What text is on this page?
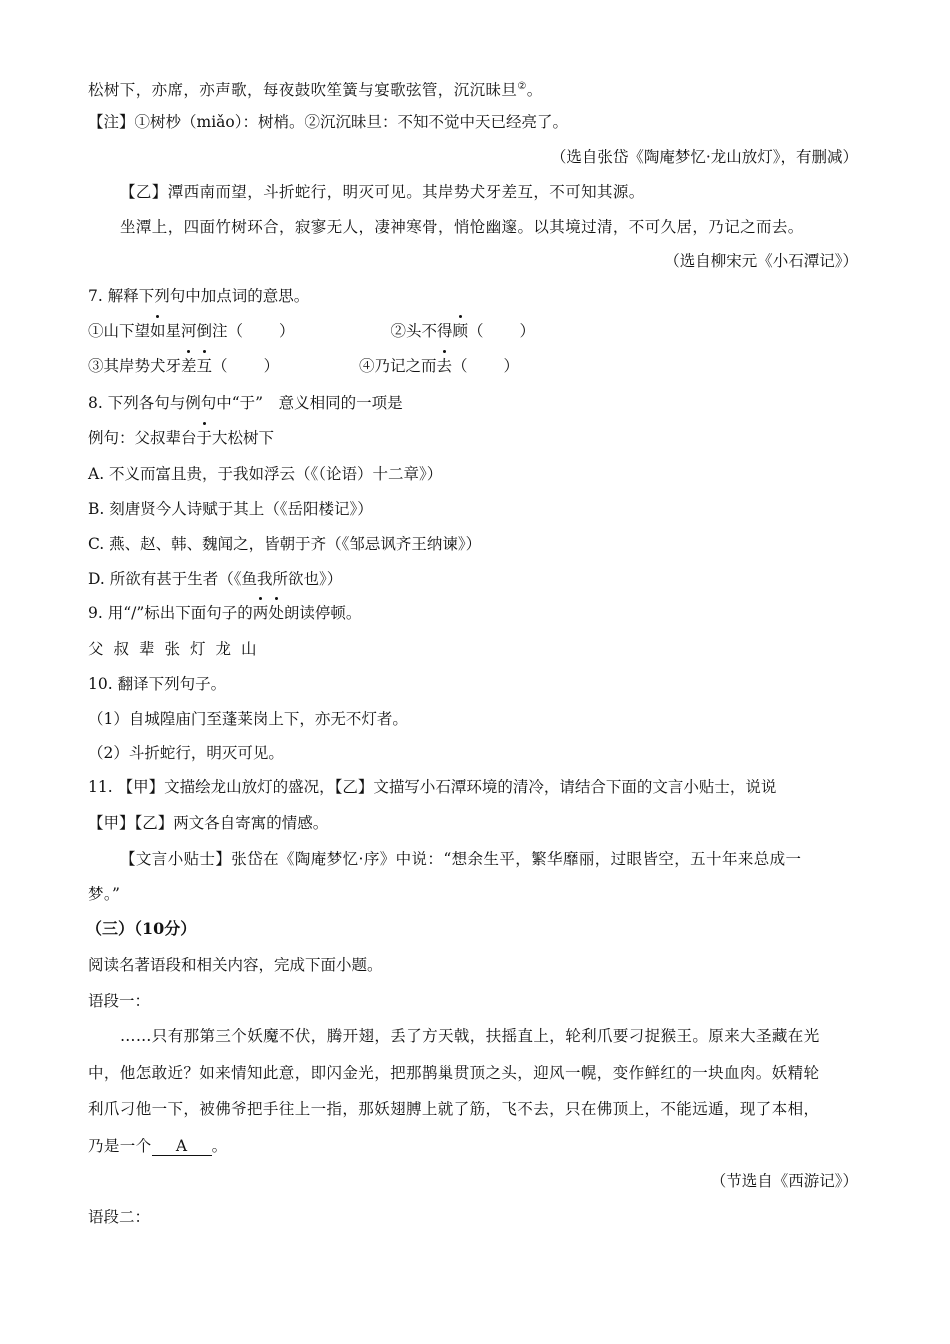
松树下，亦席，亦声歌，每夜鼓吹笙簧与宴歌弦管，沉沉昧旦②。
【注】①树杪（miǎo）：树梢。②沉沉昧旦：不知不觉中天已经亮了。
（选自张岱《陶庵梦忆·龙山放灯》，有删减）
【乙】潭西南而望，斗折蛇行，明灭可见。其岸势犬牙差互，不可知其源。
坐潭上，四面竹树环合，寂寥无人，凄神寒骨，悄怆幽邃。以其境过清，不可久居，乃记之而去。
（选自柳宋元《小石潭记》）
7. 解释下列句中加点词的意思。
①山下望如星河倒注（ ）	②头不得顾（ ）
③其岸势犬牙差互（ ）	④乃记之而去（ ）
8. 下列各句与例句中“于”　意义相同的一项是
例句：父叔辈台于大松树下
A. 不义而富且贵，于我如浮云（《（论语）十二章》）
B. 刻唐贤今人诗赋于其上（《岳阳楼记》）
C. 燕、赵、韩、魏闻之，皆朝于齐（《邹忌讽齐王纳谏》）
D. 所欲有甚于生者（《鱼我所欲也》）
9. 用“/”标出下面句子的两处朗读停顿。
父叔辈张灯龙山
10. 翻译下列句子。
（1）自城隍庙门至蓬莱岗上下，亦无不灯者。
（2）斗折蛇行，明灭可见。
11. 【甲】文描绘龙山放灯的盛况，【乙】文描写小石潭环境的清冷，请结合下面的文言小贴士，说说
【甲】【乙】两文各自寄寓的情感。
【文言小贴士】张岱在《陶庵梦忆·序》中说：“想余生平，繁华靡丽，过眼皆空，五十年来总成一
梦。”
（三）（10分）
阅读名著语段和相关内容，完成下面小题。
语段一：
……只有那第三个妖魔不伏，腾开翅，丢了方天戟，扶摇直上，轮利爪要刁捉猴王。原来大圣藏在光
中，他怎敢近？如来情知此意，即闪金光，把那鹊巢贯顶之头，迎风一幌，变作鲜红的一块血肉。妖精轮
利爪刁他一下，被佛爷把手往上一指，那妖翅膊上就了筋，飞不去，只在佛顶上，不能远遁，现了本相，
乃是一个 A 。
（节选自《西游记》）
语段二：
